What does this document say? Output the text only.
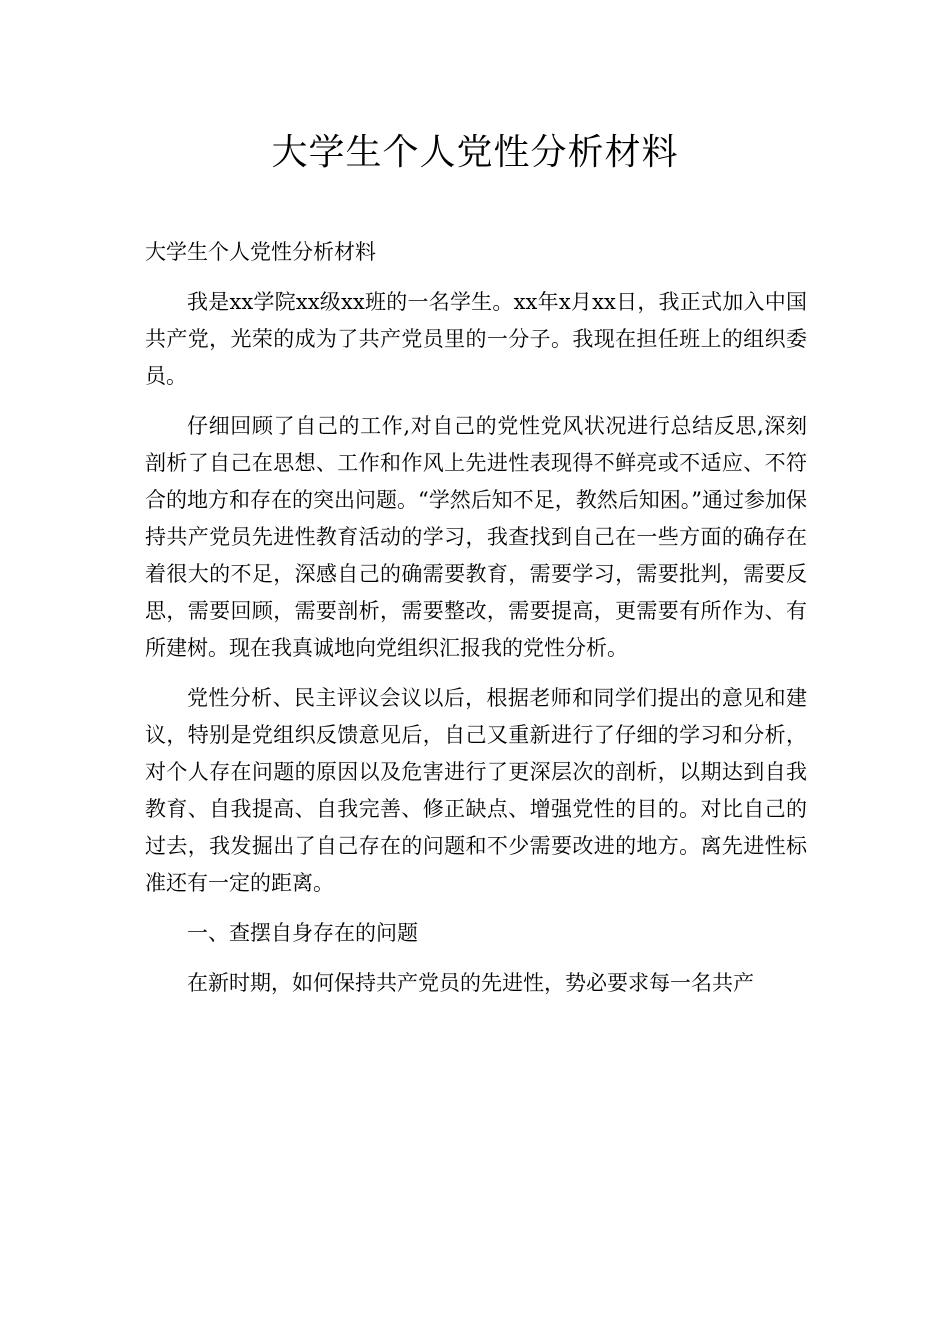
大学生个人党性分析材料

大学生个人党性分析材料

我是xx学院xx级xx班的一名学生。xx年x月xx日，我正式加入中国共产党，光荣的成为了共产党员里的一分子。我现在担任班上的组织委员。

仔细回顾了自己的工作,对自己的党性党风状况进行总结反思,深刻剖析了自己在思想、工作和作风上先进性表现得不鲜亮或不适应、不符合的地方和存在的突出问题。“学然后知不足，教然后知困。”通过参加保持共产党员先进性教育活动的学习，我查找到自己在一些方面的确存在着很大的不足，深感自己的确需要教育，需要学习，需要批判，需要反思，需要回顾，需要剖析，需要整改，需要提高，更需要有所作为、有所建树。现在我真诚地向党组织汇报我的党性分析。

党性分析、民主评议会议以后，根据老师和同学们提出的意见和建议，特别是党组织反馈意见后，自己又重新进行了仔细的学习和分析，对个人存在问题的原因以及危害进行了更深层次的剖析，以期达到自我教育、自我提高、自我完善、修正缺点、增强党性的目的。对比自己的过去，我发掘出了自己存在的问题和不少需要改进的地方。离先进性标准还有一定的距离。

一、查摆自身存在的问题

在新时期，如何保持共产党员的先进性，势必要求每一名共产
